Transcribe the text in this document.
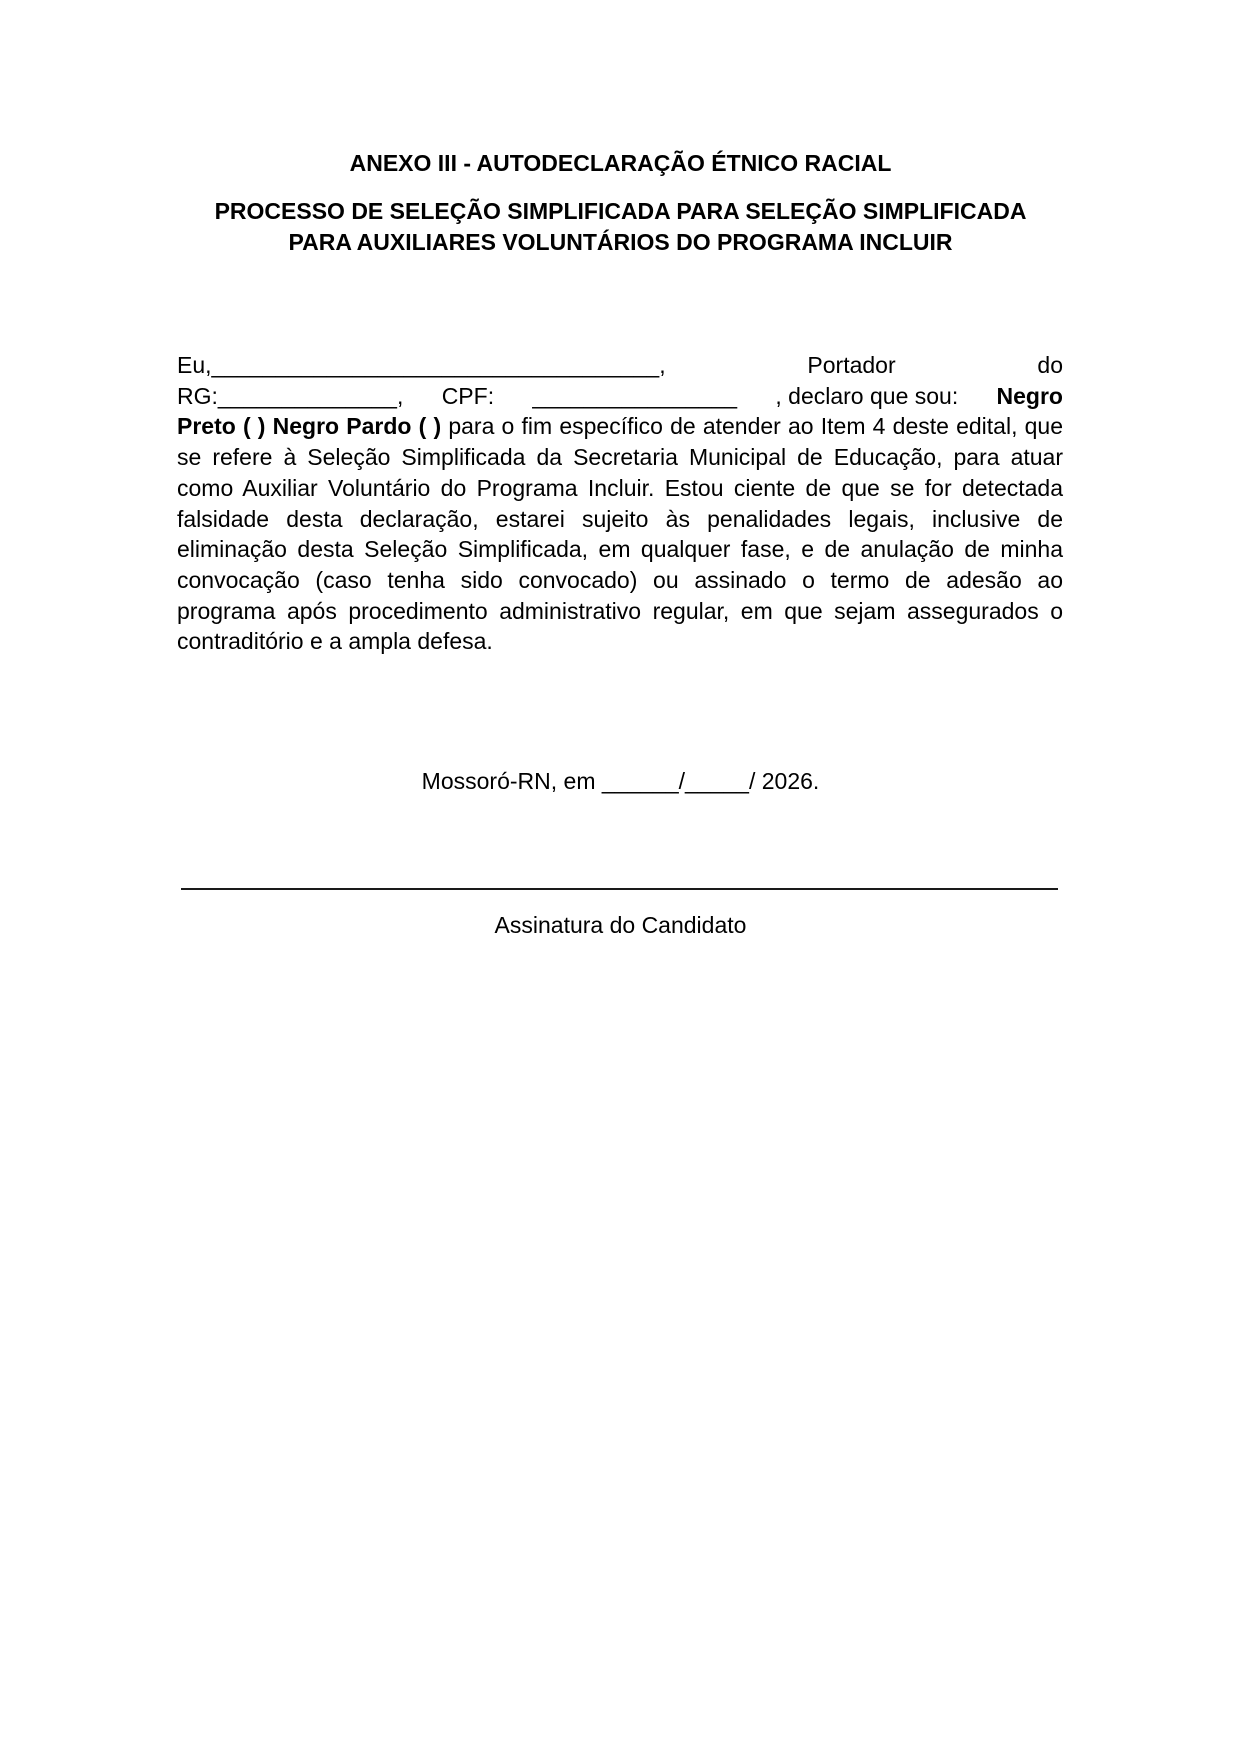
ANEXO III - AUTODECLARAÇÃO ÉTNICO RACIAL
PROCESSO DE SELEÇÃO SIMPLIFICADA PARA SELEÇÃO SIMPLIFICADA PARA AUXILIARES VOLUNTÁRIOS DO PROGRAMA INCLUIR
Eu,___________________________________,	Portador	do
RG:______________, CPF: ________________ , declaro que sou: Negro
Preto ( ) Negro Pardo ( ) para o fim específico de atender ao Item 4 deste edital, que se refere à Seleção Simplificada da Secretaria Municipal de Educação, para atuar como Auxiliar Voluntário do Programa Incluir. Estou ciente de que se for detectada falsidade desta declaração, estarei sujeito às penalidades legais, inclusive de eliminação desta Seleção Simplificada, em qualquer fase, e de anulação de minha convocação (caso tenha sido convocado) ou assinado o termo de adesão ao programa após procedimento administrativo regular, em que sejam assegurados o contraditório e a ampla defesa.
Mossoró-RN, em ______/_____/ 2026.
Assinatura do Candidato
